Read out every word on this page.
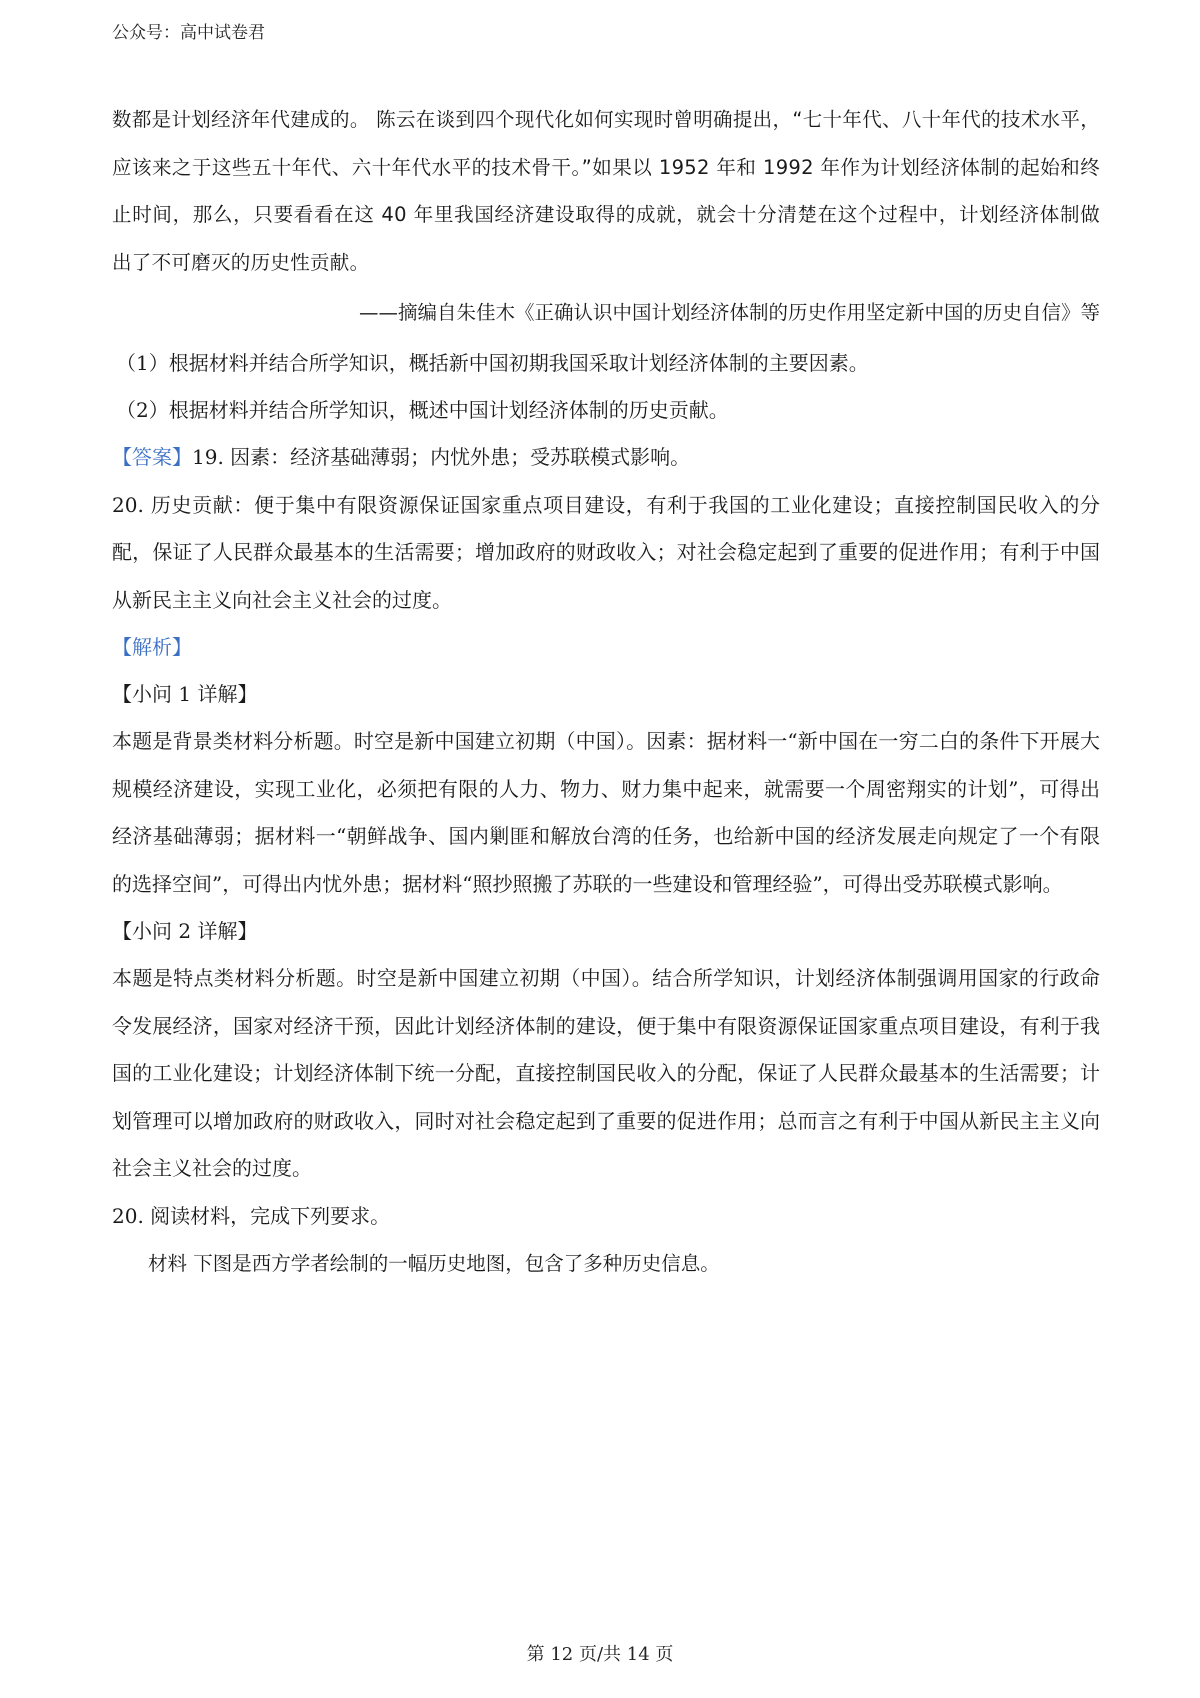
公众号：高中试卷君

数都是计划经济年代建成的。 陈云在谈到四个现代化如何实现时曾明确提出，“七十年代、八十年代的技术水平，应该来之于这些五十年代、六十年代水平的技术骨干。”如果以 1952 年和 1992 年作为计划经济体制的起始和终止时间，那么，只要看看在这 40 年里我国经济建设取得的成就，就会十分清楚在这个过程中，计划经济体制做出了不可磨灭的历史性贡献。

——摘编自朱佳木《正确认识中国计划经济体制的历史作用坚定新中国的历史自信》等

（1）根据材料并结合所学知识，概括新中国初期我国采取计划经济体制的主要因素。

（2）根据材料并结合所学知识，概述中国计划经济体制的历史贡献。

【答案】19. 因素：经济基础薄弱；内忧外患；受苏联模式影响。

20. 历史贡献：便于集中有限资源保证国家重点项目建设，有利于我国的工业化建设；直接控制国民收入的分配，保证了人民群众最基本的生活需要；增加政府的财政收入；对社会稳定起到了重要的促进作用；有利于中国从新民主主义向社会主义社会的过度。

【解析】

【小问 1 详解】

本题是背景类材料分析题。时空是新中国建立初期（中国）。因素：据材料一“新中国在一穷二白的条件下开展大规模经济建设，实现工业化，必须把有限的人力、物力、财力集中起来，就需要一个周密翔实的计划”，可得出经济基础薄弱；据材料一“朝鲜战争、国内剿匪和解放台湾的任务，也给新中国的经济发展走向规定了一个有限的选择空间”，可得出内忧外患；据材料“照抄照搬了苏联的一些建设和管理经验”，可得出受苏联模式影响。

【小问 2 详解】

本题是特点类材料分析题。时空是新中国建立初期（中国）。结合所学知识，计划经济体制强调用国家的行政命令发展经济，国家对经济干预，因此计划经济体制的建设，便于集中有限资源保证国家重点项目建设，有利于我国的工业化建设；计划经济体制下统一分配，直接控制国民收入的分配，保证了人民群众最基本的生活需要；计划管理可以增加政府的财政收入，同时对社会稳定起到了重要的促进作用；总而言之有利于中国从新民主主义向社会主义社会的过度。

20. 阅读材料，完成下列要求。

材料 下图是西方学者绘制的一幅历史地图，包含了多种历史信息。

第 12 页/共 14 页
